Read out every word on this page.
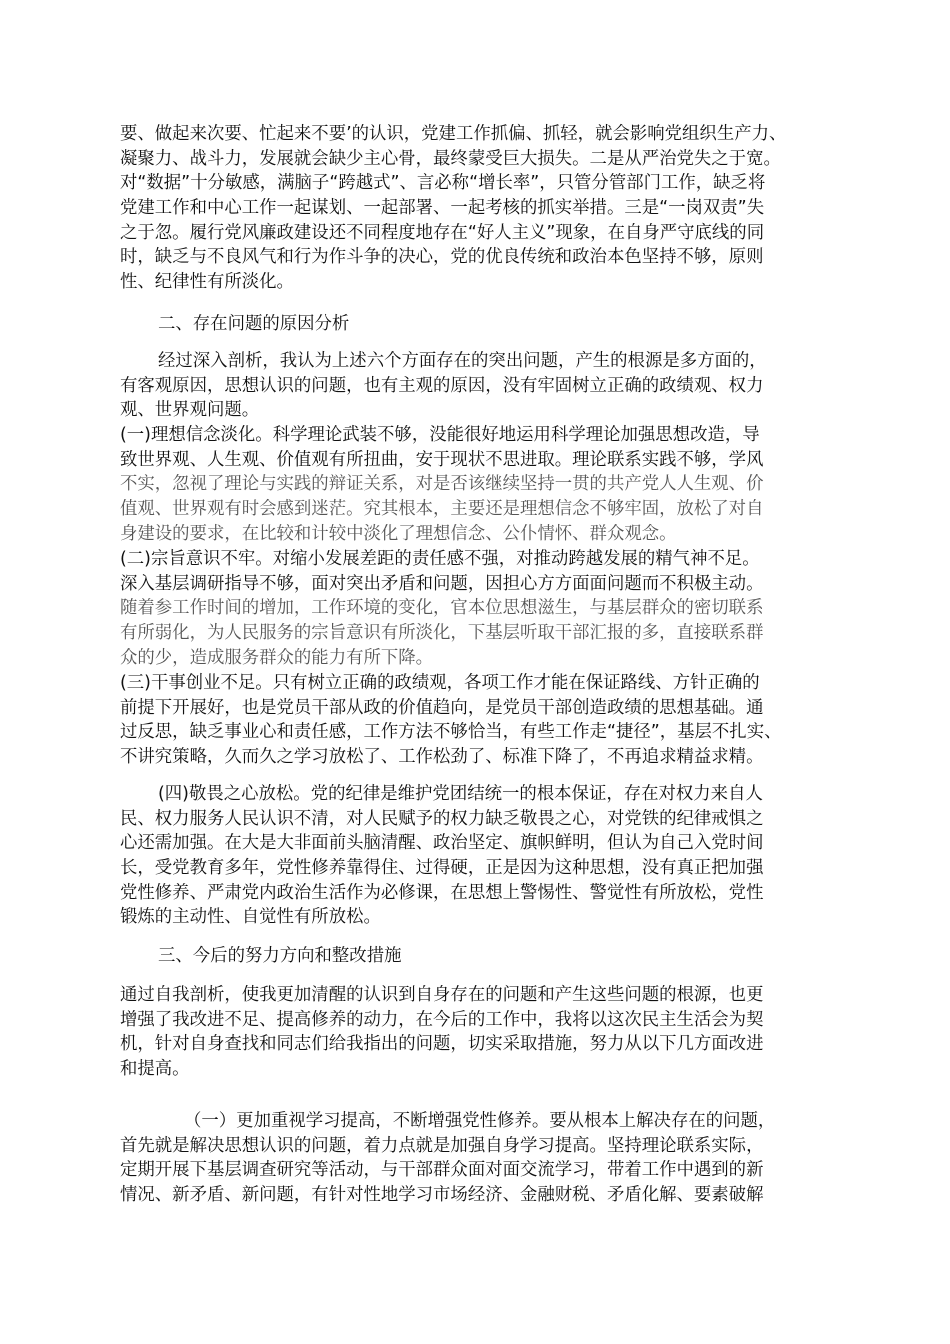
要、做起来次要、忙起来不要’的认识，党建工作抓偏、抓轻，就会影响党组织生产力、
凝聚力、战斗力，发展就会缺少主心骨，最终蒙受巨大损失。二是从严治党失之于宽。
对“数据”十分敏感，满脑子“跨越式”、言必称“增长率”，只管分管部门工作，缺乏将
党建工作和中心工作一起谋划、一起部署、一起考核的抓实举措。三是“一岗双责”失
之于忽。履行党风廉政建设还不同程度地存在“好人主义”现象，在自身严守底线的同
时，缺乏与不良风气和行为作斗争的决心，党的优良传统和政治本色坚持不够，原则
性、纪律性有所淡化。
二、存在问题的原因分析
经过深入剖析，我认为上述六个方面存在的突出问题，产生的根源是多方面的，
有客观原因，思想认识的问题，也有主观的原因，没有牢固树立正确的政绩观、权力
观、世界观问题。
(一)理想信念淡化。科学理论武装不够，没能很好地运用科学理论加强思想改造，导
致世界观、人生观、价值观有所扭曲，安于现状不思进取。理论联系实践不够，学风
不实，忽视了理论与实践的辩证关系，对是否该继续坚持一贯的共产党人人生观、价
值观、世界观有时会感到迷茫。究其根本，主要还是理想信念不够牢固，放松了对自
身建设的要求，在比较和计较中淡化了理想信念、公仆情怀、群众观念。
(二)宗旨意识不牢。对缩小发展差距的责任感不强，对推动跨越发展的精气神不足。
深入基层调研指导不够，面对突出矛盾和问题，因担心方方面面问题而不积极主动。
随着参工作时间的增加，工作环境的变化，官本位思想滋生，与基层群众的密切联系
有所弱化，为人民服务的宗旨意识有所淡化，下基层听取干部汇报的多，直接联系群
众的少，造成服务群众的能力有所下降。
(三)干事创业不足。只有树立正确的政绩观，各项工作才能在保证路线、方针正确的
前提下开展好，也是党员干部从政的价值趋向，是党员干部创造政绩的思想基础。通
过反思，缺乏事业心和责任感，工作方法不够恰当，有些工作走“捷径”，基层不扎实、
不讲究策略，久而久之学习放松了、工作松劲了、标准下降了，不再追求精益求精。
(四)敬畏之心放松。党的纪律是维护党团结统一的根本保证，存在对权力来自人
民、权力服务人民认识不清，对人民赋予的权力缺乏敬畏之心，对党铁的纪律戒惧之
心还需加强。在大是大非面前头脑清醒、政治坚定、旗帜鲜明，但认为自己入党时间
长，受党教育多年，党性修养靠得住、过得硬，正是因为这种思想，没有真正把加强
党性修养、严肃党内政治生活作为必修课，在思想上警惕性、警觉性有所放松，党性
锻炼的主动性、自觉性有所放松。
三、今后的努力方向和整改措施
通过自我剖析，使我更加清醒的认识到自身存在的问题和产生这些问题的根源，也更
增强了我改进不足、提高修养的动力，在今后的工作中，我将以这次民主生活会为契
机，针对自身查找和同志们给我指出的问题，切实采取措施，努力从以下几方面改进
和提高。
（一）更加重视学习提高，不断增强党性修养。要从根本上解决存在的问题，
首先就是解决思想认识的问题，着力点就是加强自身学习提高。坚持理论联系实际，
定期开展下基层调查研究等活动，与干部群众面对面交流学习，带着工作中遇到的新
情况、新矛盾、新问题，有针对性地学习市场经济、金融财税、矛盾化解、要素破解
